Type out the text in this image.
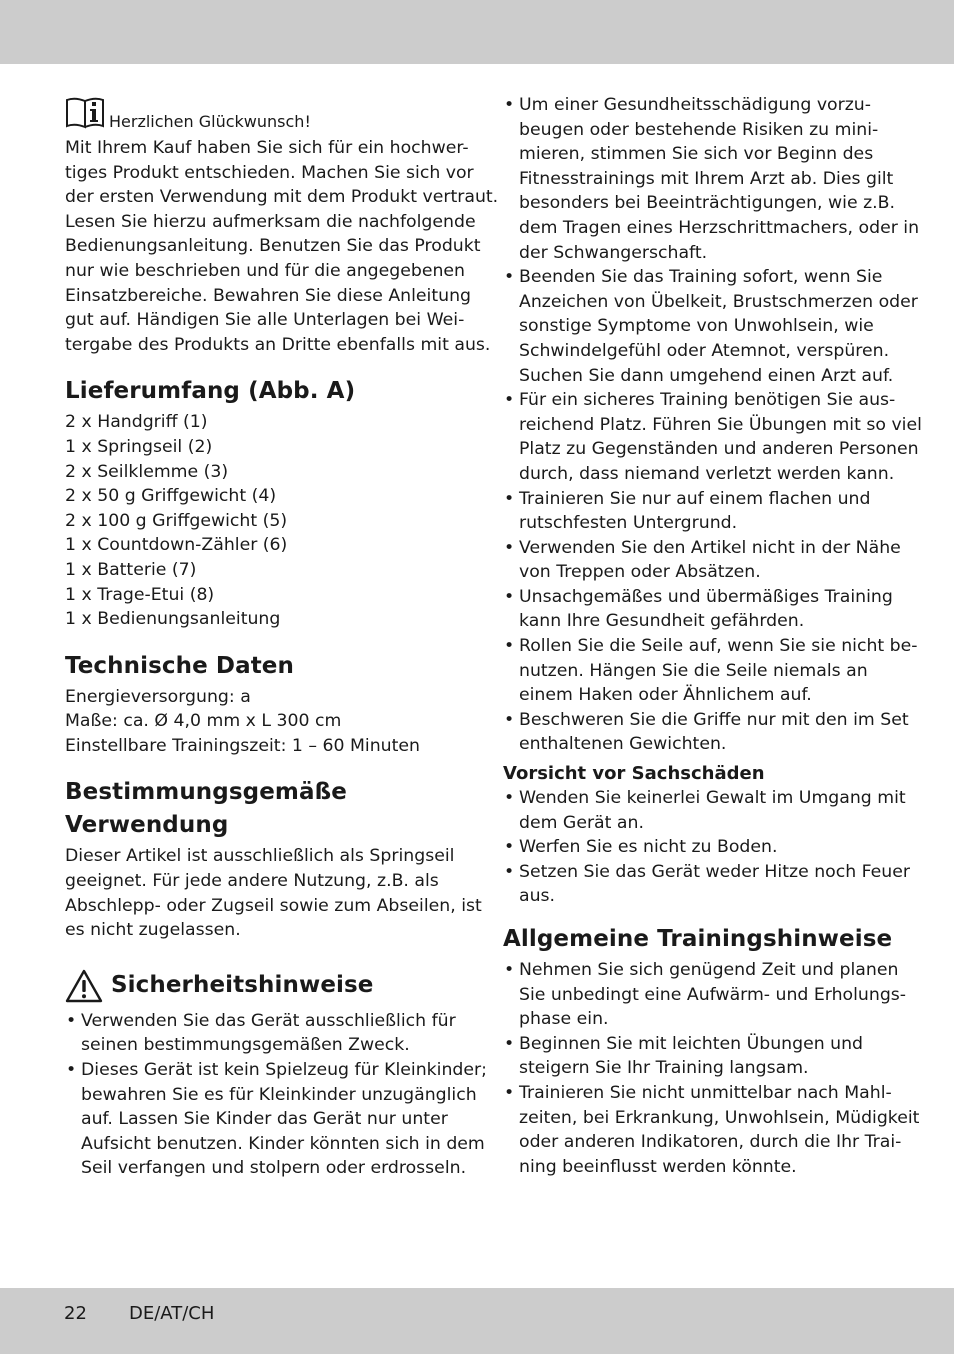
Herzlichen Glückwunsch!

Mit Ihrem Kauf haben Sie sich für ein hochwer-
tiges Produkt entschieden. Machen Sie sich vor
der ersten Verwendung mit dem Produkt vertraut.
Lesen Sie hierzu aufmerksam die nachfolgende
Bedienungsanleitung. Benutzen Sie das Produkt
nur wie beschrieben und für die angegebenen
Einsatzbereiche. Bewahren Sie diese Anleitung
gut auf. Händigen Sie alle Unterlagen bei Wei-
tergabe des Produkts an Dritte ebenfalls mit aus.

Lieferumfang (Abb. A)

2 x Handgriff (1)
1 x Springseil (2)
2 x Seilklemme (3)
2 x 50 g Griffgewicht (4)
2 x 100 g Griffgewicht (5)
1 x Countdown-Zähler (6)
1 x Batterie (7)
1 x Trage-Etui (8)
1 x Bedienungsanleitung

Technische Daten

Energieversorgung: a
Maße: ca. Ø 4,0 mm x L 300 cm
Einstellbare Trainingszeit: 1 – 60 Minuten

Bestimmungsgemäße
Verwendung

Dieser Artikel ist ausschließlich als Springseil
geeignet. Für jede andere Nutzung, z.B. als
Abschlepp- oder Zugseil sowie zum Abseilen, ist
es nicht zugelassen.

Sicherheitshinweise
• Verwenden Sie das Gerät ausschließlich für
seinen bestimmungsgemäßen Zweck.
• Dieses Gerät ist kein Spielzeug für Kleinkinder;
bewahren Sie es für Kleinkinder unzugänglich
auf. Lassen Sie Kinder das Gerät nur unter
Aufsicht benutzen. Kinder könnten sich in dem
Seil verfangen und stolpern oder erdrosseln.
• Um einer Gesundheitsschädigung vorzu-
beugen oder bestehende Risiken zu mini-
mieren, stimmen Sie sich vor Beginn des
Fitnesstrainings mit Ihrem Arzt ab. Dies gilt
besonders bei Beeinträchtigungen, wie z.B.
dem Tragen eines Herzschrittmachers, oder in
der Schwangerschaft.
• Beenden Sie das Training sofort, wenn Sie
Anzeichen von Übelkeit, Brustschmerzen oder
sonstige Symptome von Unwohlsein, wie
Schwindelgefühl oder Atemnot, verspüren.
Suchen Sie dann umgehend einen Arzt auf.
• Für ein sicheres Training benötigen Sie aus-
reichend Platz. Führen Sie Übungen mit so viel
Platz zu Gegenständen und anderen Personen
durch, dass niemand verletzt werden kann.
• Trainieren Sie nur auf einem flachen und
rutschfesten Untergrund.
• Verwenden Sie den Artikel nicht in der Nähe
von Treppen oder Absätzen.
• Unsachgemäßes und übermäßiges Training
kann Ihre Gesundheit gefährden.
• Rollen Sie die Seile auf, wenn Sie sie nicht be-
nutzen. Hängen Sie die Seile niemals an
einem Haken oder Ähnlichem auf.
• Beschweren Sie die Griffe nur mit den im Set
enthaltenen Gewichten.
Vorsicht vor Sachschäden
• Wenden Sie keinerlei Gewalt im Umgang mit
dem Gerät an.
• Werfen Sie es nicht zu Boden.
• Setzen Sie das Gerät weder Hitze noch Feuer
aus.
Allgemeine Trainingshinweise
• Nehmen Sie sich genügend Zeit und planen
Sie unbedingt eine Aufwärm- und Erholungs-
phase ein.
• Beginnen Sie mit leichten Übungen und
steigern Sie Ihr Training langsam.
• Trainieren Sie nicht unmittelbar nach Mahl-
zeiten, bei Erkrankung, Unwohlsein, Müdigkeit
oder anderen Indikatoren, durch die Ihr Trai-
ning beeinflusst werden könnte.
22 DE/AT/CH
